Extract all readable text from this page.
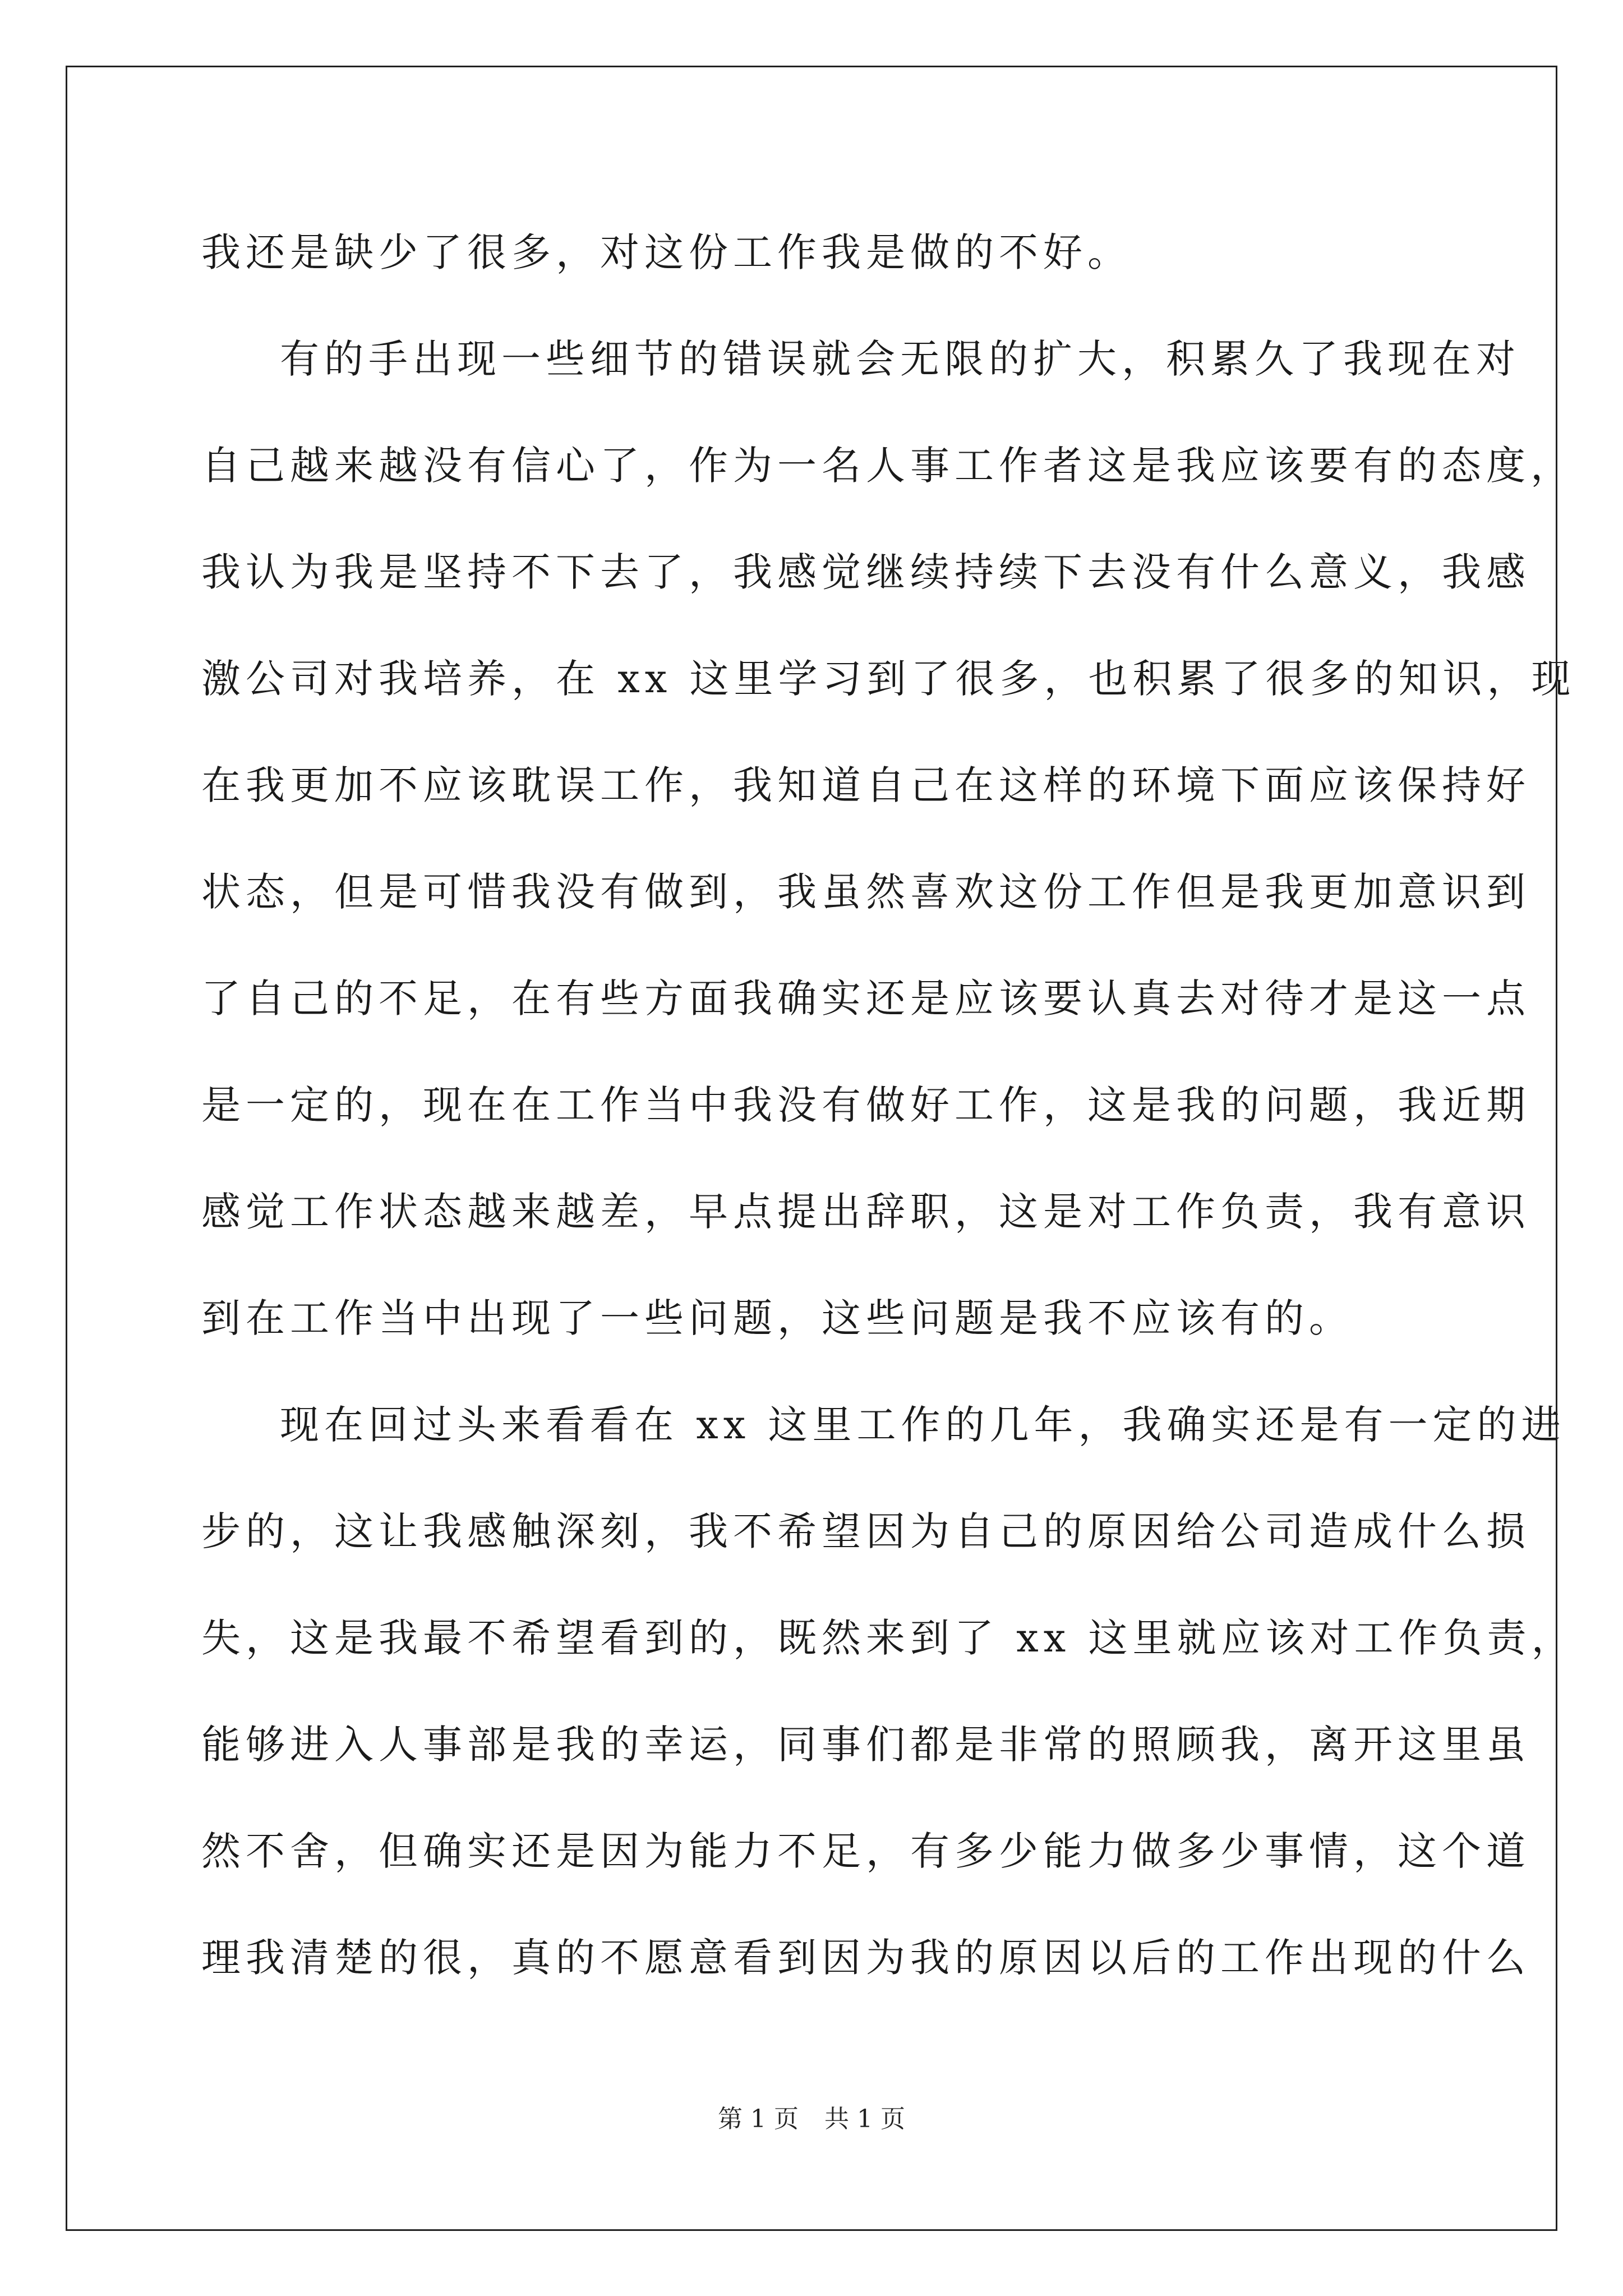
我还是缺少了很多，对这份工作我是做的不好。
有的手出现一些细节的错误就会无限的扩大，积累久了我现在对
自己越来越没有信心了，作为一名人事工作者这是我应该要有的态度，
我认为我是坚持不下去了，我感觉继续持续下去没有什么意义，我感
激公司对我培养，在 xx 这里学习到了很多，也积累了很多的知识，现
在我更加不应该耽误工作，我知道自己在这样的环境下面应该保持好
状态，但是可惜我没有做到，我虽然喜欢这份工作但是我更加意识到
了自己的不足，在有些方面我确实还是应该要认真去对待才是这一点
是一定的，现在在工作当中我没有做好工作，这是我的问题，我近期
感觉工作状态越来越差，早点提出辞职，这是对工作负责，我有意识
到在工作当中出现了一些问题，这些问题是我不应该有的。
现在回过头来看看在 xx 这里工作的几年，我确实还是有一定的进
步的，这让我感触深刻，我不希望因为自己的原因给公司造成什么损
失，这是我最不希望看到的，既然来到了 xx 这里就应该对工作负责，
能够进入人事部是我的幸运，同事们都是非常的照顾我，离开这里虽
然不舍，但确实还是因为能力不足，有多少能力做多少事情，这个道
理我清楚的很，真的不愿意看到因为我的原因以后的工作出现的什么
第 1 页 共 1 页
